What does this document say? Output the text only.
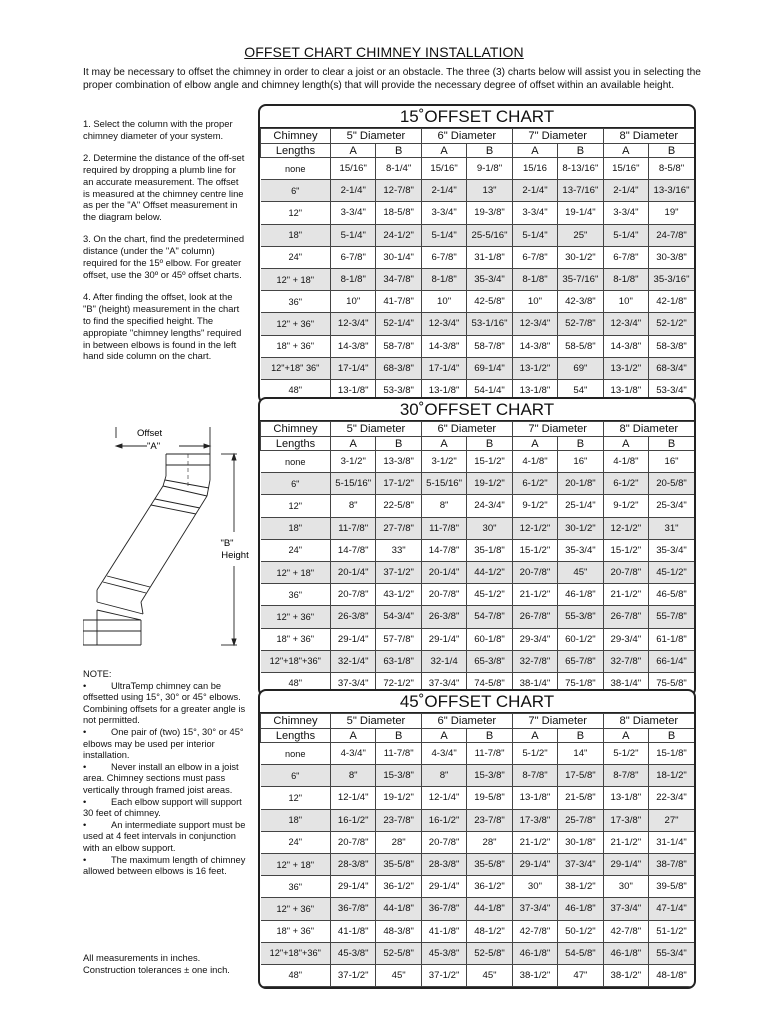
OFFSET CHART CHIMNEY INSTALLATION
It may be necessary to offset the chimney in order to clear a joist or an obstacle. The three (3) charts below will assist you in selecting the proper combination of elbow angle and chimney length(s) that will provide the necessary degree of offset within an available height.

1. Select the column with the proper chimney diameter of your system.

2. Determine the distance of the off-set required by dropping a plumb line for an accurate measurement. The offset is measured at the chimney centre line as per the "A" Offset measurement in the diagram below.

3. On the chart, find the predetermined distance (under the "A" column) required for the 15º elbow. For greater offset, use the 30º or 45º offset charts.

4. After finding the offset, look at the "B" (height) measurement in the chart to find the specified height. The appropiate "chimney lengths" required in between elbows is found in the left hand side column on the chart.

Offset
"A"
"B"
Height

NOTE:

•	UltraTemp chimney can be offsetted using 15°, 30° or 45° elbows. Combining offsets for a greater angle is not permitted.

•	One pair of (two) 15°, 30° or 45° elbows may be used per interior installation.

•	Never install an elbow in a joist area. Chimney sections must pass vertically through framed joist areas.

•	Each elbow support will support 30 feet of chimney.

•	An intermediate support must be used at 4 feet intervals in conjunction with an elbow support.

•	The maximum length of chimney allowed between elbows is 16 feet.

All measurements in inches.
Construction tolerances ± one inch.
15˚OFFSET CHART
Chimney	5" Diameter		6" Diameter		7" Diameter		8" Diameter	
Lengths	A	B	A	B	A	B	A	B
none	15/16"	8-1/4"	15/16"	9-1/8"	15/16	8-13/16"	15/16"	8-5/8"
6"	2-1/4"	12-7/8"	2-1/4"	13"	2-1/4"	13-7/16"	2-1/4"	13-3/16"
12"	3-3/4"	18-5/8"	3-3/4"	19-3/8"	3-3/4"	19-1/4"	3-3/4"	19"
18"	5-1/4"	24-1/2"	5-1/4"	25-5/16"	5-1/4"	25"	5-1/4"	24-7/8"
24"	6-7/8"	30-1/4"	6-7/8"	31-1/8"	6-7/8"	30-1/2"	6-7/8"	30-3/8"
12" + 18"	8-1/8"	34-7/8"	8-1/8"	35-3/4"	8-1/8"	35-7/16"	8-1/8"	35-3/16"
36"	10"	41-7/8"	10"	42-5/8"	10"	42-3/8"	10"	42-1/8"
12" + 36"	12-3/4"	52-1/4"	12-3/4"	53-1/16"	12-3/4"	52-7/8"	12-3/4"	52-1/2"
18" + 36"	14-3/8"	58-7/8"	14-3/8"	58-7/8"	14-3/8"	58-5/8"	14-3/8"	58-3/8"
12"+18" 36"	17-1/4"	68-3/8"	17-1/4"	69-1/4"	13-1/2"	69"	13-1/2"	68-3/4"
48"	13-1/8"	53-3/8"	13-1/8"	54-1/4"	13-1/8"	54"	13-1/8"	53-3/4"
30˚OFFSET CHART
Chimney	5" Diameter		6" Diameter		7" Diameter		8" Diameter	
Lengths	A	B	A	B	A	B	A	B
none	3-1/2"	13-3/8"	3-1/2"	15-1/2"	4-1/8"	16"	4-1/8"	16"
6"	5-15/16"	17-1/2"	5-15/16"	19-1/2"	6-1/2"	20-1/8"	6-1/2"	20-5/8"
12"	8"	22-5/8"	8"	24-3/4"	9-1/2"	25-1/4"	9-1/2"	25-3/4"
18"	11-7/8"	27-7/8"	11-7/8"	30"	12-1/2"	30-1/2"	12-1/2"	31"
24"	14-7/8"	33"	14-7/8"	35-1/8"	15-1/2"	35-3/4"	15-1/2"	35-3/4"
12" + 18"	20-1/4"	37-1/2"	20-1/4"	44-1/2"	20-7/8"	45"	20-7/8"	45-1/2"
36"	20-7/8"	43-1/2"	20-7/8"	45-1/2"	21-1/2"	46-1/8"	21-1/2"	46-5/8"
12" + 36"	26-3/8"	54-3/4"	26-3/8"	54-7/8"	26-7/8"	55-3/8"	26-7/8"	55-7/8"
18" + 36"	29-1/4"	57-7/8"	29-1/4"	60-1/8"	29-3/4"	60-1/2"	29-3/4"	61-1/8"
12"+18"+36"	32-1/4"	63-1/8"	32-1/4	65-3/8"	32-7/8"	65-7/8"	32-7/8"	66-1/4"
48"	37-3/4"	72-1/2"	37-3/4"	74-5/8"	38-1/4"	75-1/8"	38-1/4"	75-5/8"
45˚OFFSET CHART
Chimney	5" Diameter		6" Diameter		7" Diameter		8" Diameter	
Lengths	A	B	A	B	A	B	A	B
none	4-3/4"	11-7/8"	4-3/4"	11-7/8"	5-1/2"	14"	5-1/2"	15-1/8"
6"	8"	15-3/8"	8"	15-3/8"	8-7/8"	17-5/8"	8-7/8"	18-1/2"
12"	12-1/4"	19-1/2"	12-1/4"	19-5/8"	13-1/8"	21-5/8"	13-1/8"	22-3/4"
18"	16-1/2"	23-7/8"	16-1/2"	23-7/8"	17-3/8"	25-7/8"	17-3/8"	27"
24"	20-7/8"	28"	20-7/8"	28"	21-1/2"	30-1/8"	21-1/2"	31-1/4"
12" + 18"	28-3/8"	35-5/8"	28-3/8"	35-5/8"	29-1/4"	37-3/4"	29-1/4"	38-7/8"
36"	29-1/4"	36-1/2"	29-1/4"	36-1/2"	30"	38-1/2"	30"	39-5/8"
12" + 36"	36-7/8"	44-1/8"	36-7/8"	44-1/8"	37-3/4"	46-1/8"	37-3/4"	47-1/4"
18" + 36"	41-1/8"	48-3/8"	41-1/8"	48-1/2"	42-7/8"	50-1/2"	42-7/8"	51-1/2"
12"+18"+36"	45-3/8"	52-5/8"	45-3/8"	52-5/8"	46-1/8"	54-5/8"	46-1/8"	55-3/4"
48"	37-1/2"	45"	37-1/2"	45"	38-1/2"	47"	38-1/2"	48-1/8"
